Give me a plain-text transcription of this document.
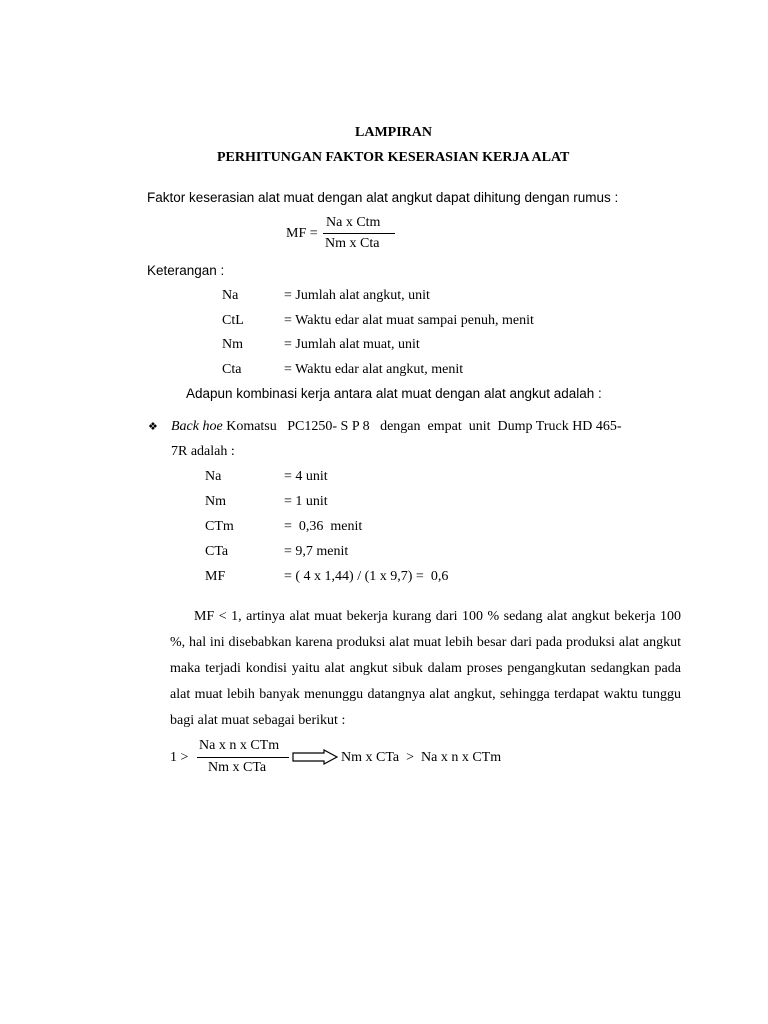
LAMPIRAN
PERHITUNGAN FAKTOR KESERASIAN KERJA ALAT
Faktor keserasian alat muat dengan alat angkut dapat dihitung dengan rumus :
MF =
Na x Ctm
Nm x Cta
Keterangan :
Na	= Jumlah alat angkut, unit
CtL	= Waktu edar alat muat sampai penuh, menit
Nm	= Jumlah alat muat, unit
Cta	= Waktu edar alat angkut, menit
Adapun kombinasi kerja antara alat muat dengan alat angkut adalah :
❖ Back hoe Komatsu   PC1250- S P 8   dengan  empat  unit  Dump Truck HD 465-
7R adalah :
Na	= 4 unit
Nm	= 1 unit
CTm	=  0,36  menit
CTa	= 9,7 menit
MF	= ( 4 x 1,44) / (1 x 9,7) =  0,6
MF < 1, artinya alat muat bekerja kurang dari 100 % sedang alat angkut bekerja 100 %, hal ini disebabkan karena produksi alat muat lebih besar dari pada produksi alat angkut maka terjadi kondisi yaitu alat angkut sibuk dalam proses pengangkutan sedangkan pada alat muat lebih banyak menunggu datangnya alat angkut, sehingga terdapat waktu tunggu bagi alat muat sebagai berikut :
1 >
Na x n x CTm
Nm x CTa
Nm x CTa  >  Na x n x CTm
